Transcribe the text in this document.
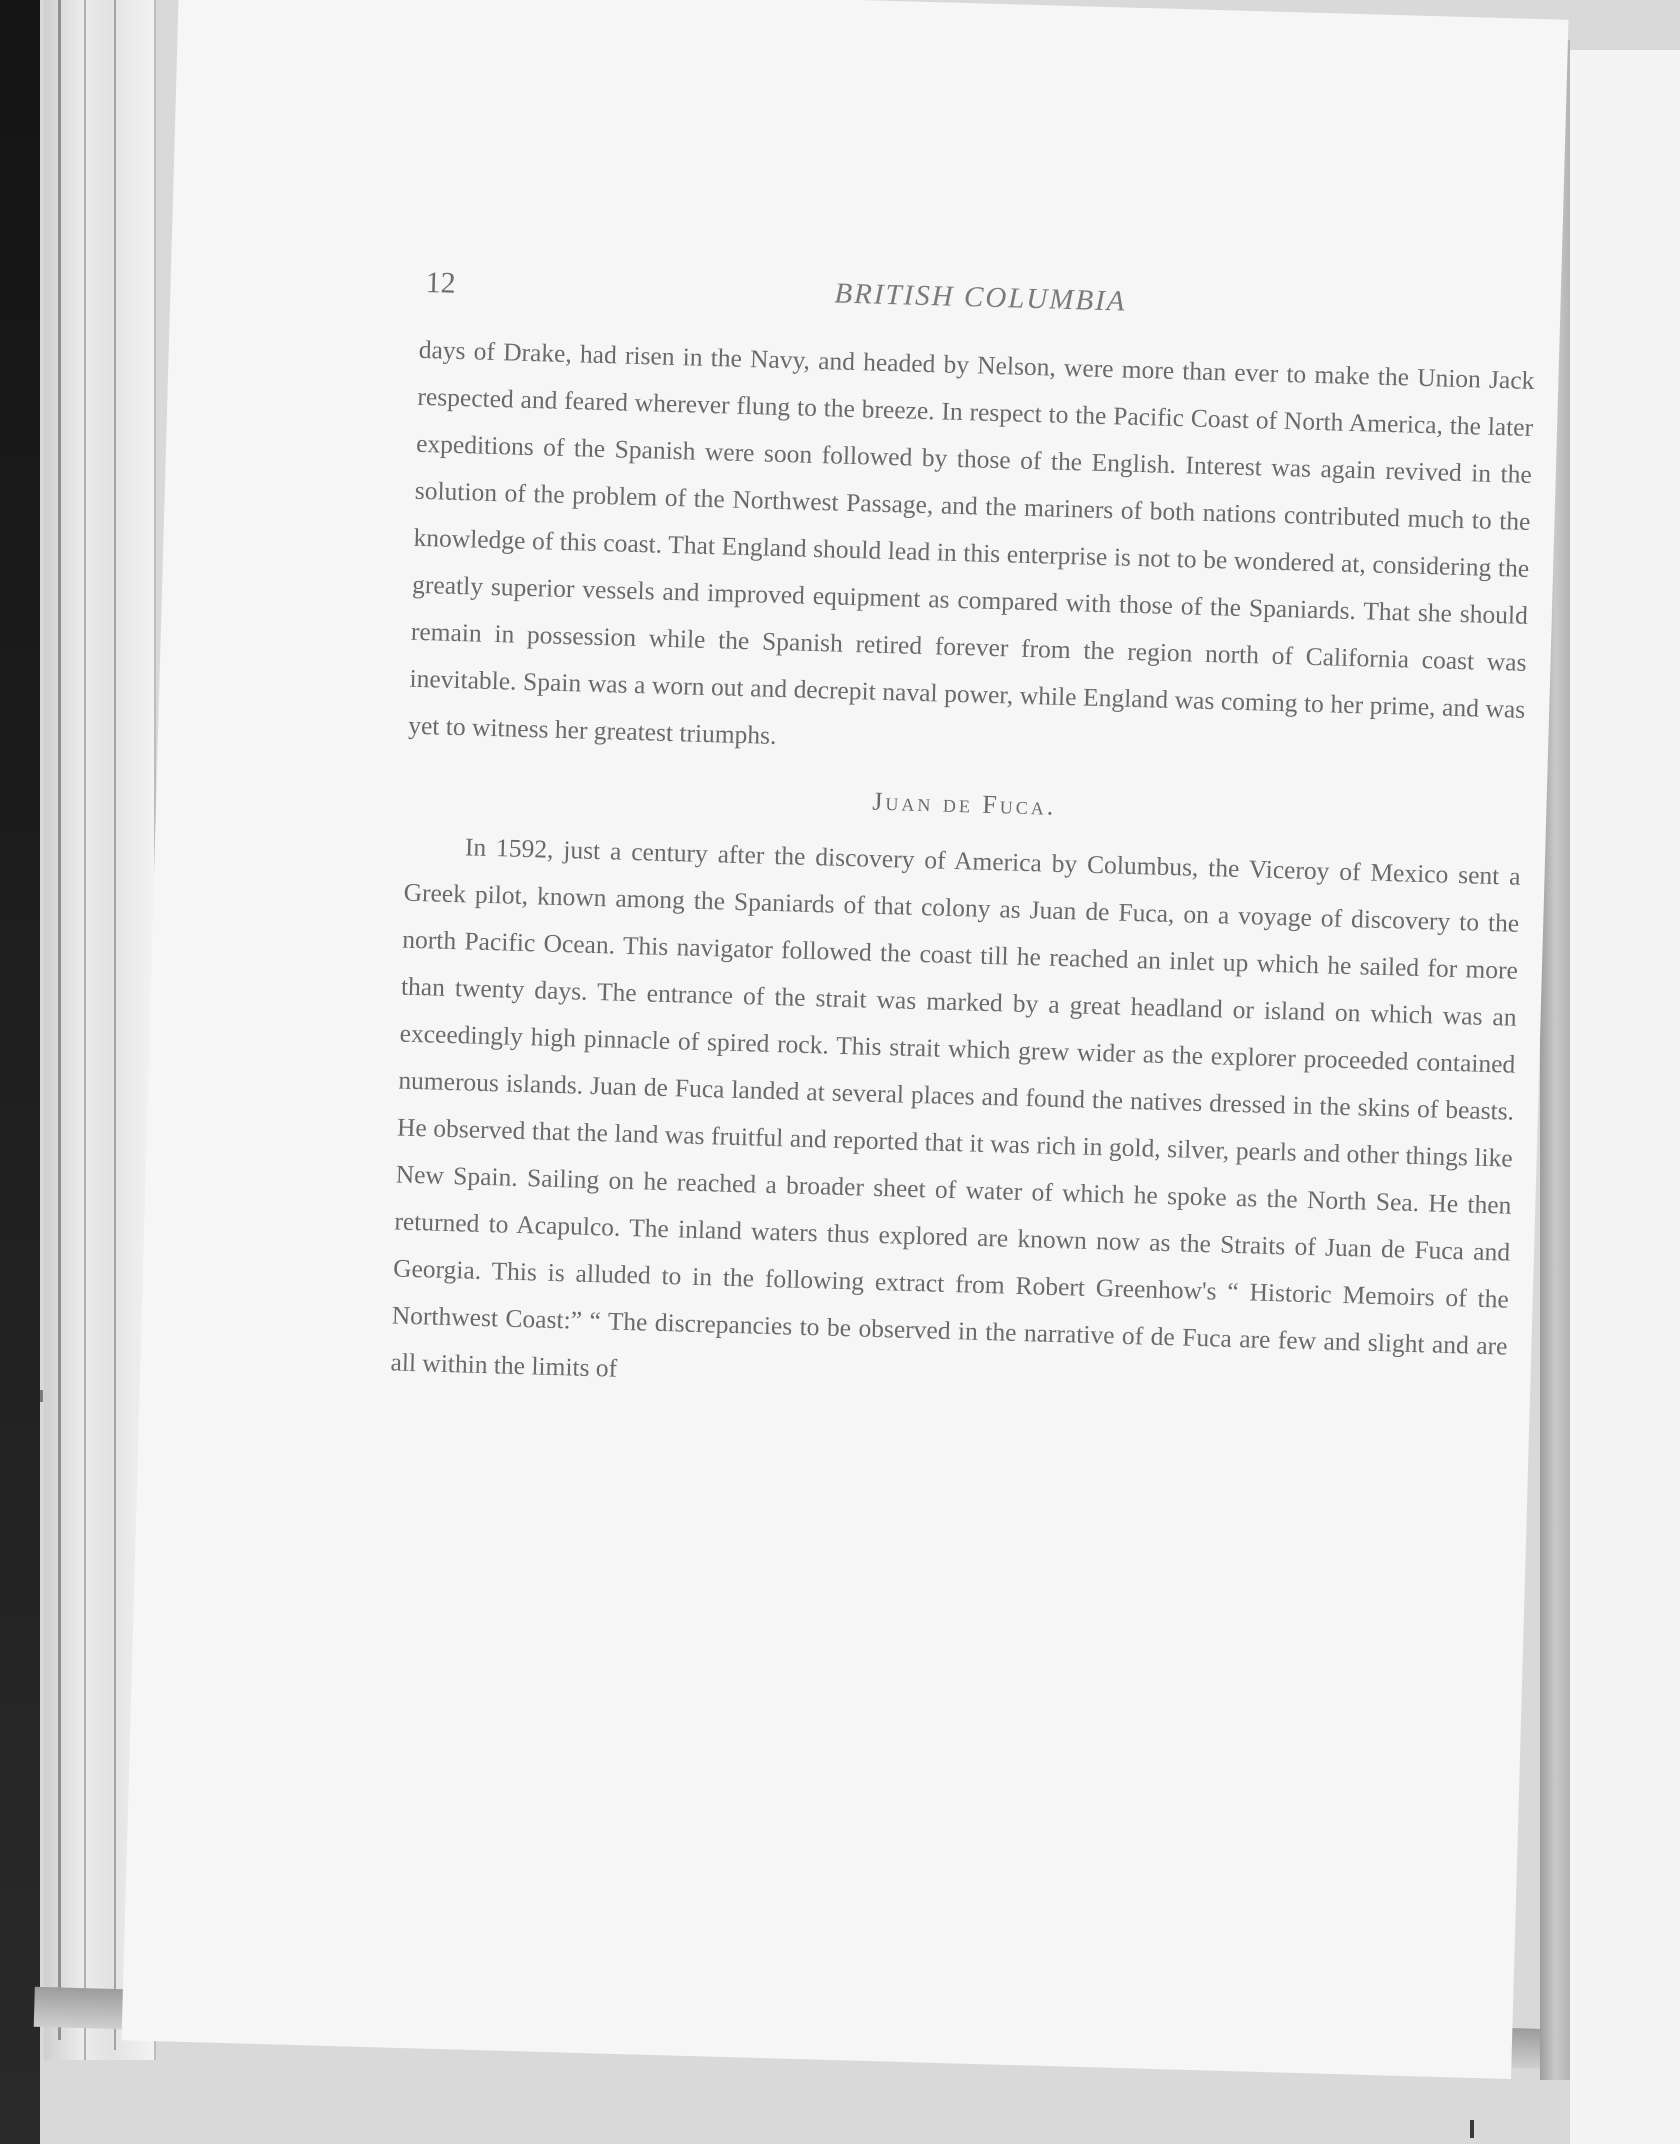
12	BRITISH COLUMBIA

days of Drake, had risen in the Navy, and headed by Nelson, were more than ever to make the Union Jack respected and feared wherever flung to the breeze. In respect to the Pacific Coast of North America, the later expeditions of the Spanish were soon followed by those of the English. Interest was again revived in the solution of the problem of the Northwest Passage, and the mariners of both nations contributed much to the knowledge of this coast. That England should lead in this enterprise is not to be wondered at, considering the greatly superior vessels and improved equipment as compared with those of the Spaniards. That she should remain in possession while the Spanish retired forever from the region north of California coast was inevitable. Spain was a worn out and decrepit naval power, while England was coming to her prime, and was yet to witness her greatest triumphs.

Juan de Fuca.

In 1592, just a century after the discovery of America by Columbus, the Viceroy of Mexico sent a Greek pilot, known among the Spaniards of that colony as Juan de Fuca, on a voyage of discovery to the north Pacific Ocean. This navigator followed the coast till he reached an inlet up which he sailed for more than twenty days. The entrance of the strait was marked by a great headland or island on which was an exceedingly high pinnacle of spired rock. This strait which grew wider as the explorer proceeded contained numerous islands. Juan de Fuca landed at several places and found the natives dressed in the skins of beasts. He observed that the land was fruitful and reported that it was rich in gold, silver, pearls and other things like New Spain. Sailing on he reached a broader sheet of water of which he spoke as the North Sea. He then returned to Acapulco. The inland waters thus explored are known now as the Straits of Juan de Fuca and Georgia. This is alluded to in the following extract from Robert Greenhow's “ Historic Memoirs of the Northwest Coast:” “ The discrepancies to be observed in the narrative of de Fuca are few and slight and are all within the limits of
